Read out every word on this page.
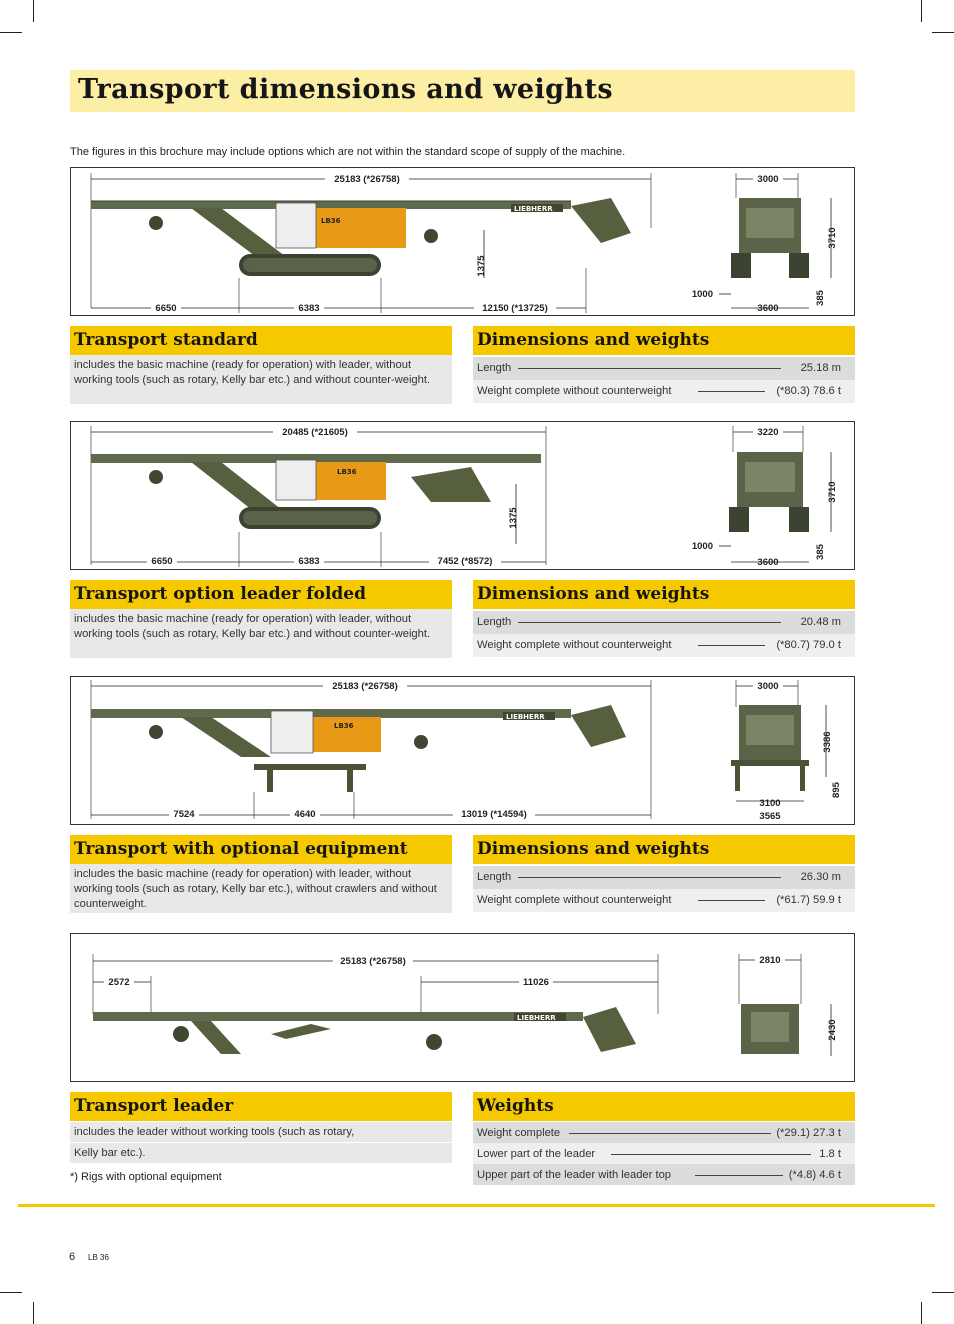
Transport dimensions and weights
The figures in this brochure may include options which are not within the standard scope of supply of the machine.
25183 (*26758)
LB36
LIEBHERR
6650	6383	12150 (*13725)
1375
3000
3600
1000
3710
385
Transport standard	Dimensions and weights
includes the basic machine (ready for operation) with leader, without working tools (such as rotary, Kelly bar etc.) and without counter-weight.
Length	25.18 m
Weight complete without counterweight	(*80.3) 78.6 t
20485 (*21605)
LB36
6650	6383	7452 (*8572)
1375
3220
3600
1000
3710
385
Transport option leader folded	Dimensions and weights
includes the basic machine (ready for operation) with leader, without working tools (such as rotary, Kelly bar etc.) and without counter-weight.
Length	20.48 m
Weight complete without counterweight	(*80.7) 79.0 t
25183 (*26758)
LB36
LIEBHERR
7524	4640	13019 (*14594)
3000
3100
3565
3386
895
Transport with optional equipment	Dimensions and weights
includes the basic machine (ready for operation) with leader, without working tools (such as rotary, Kelly bar etc.), without crawlers and without counterweight.
Length	26.30 m
Weight complete without counterweight	(*61.7) 59.9 t
25183 (*26758)
2572	11026
LIEBHERR
2810
2430
Transport leader	Weights
includes the leader without working tools (such as rotary,
Kelly bar etc.).
Weight complete	(*29.1) 27.3 t
Lower part of the leader	1.8 t
Upper part of the leader with leader top	(*4.8) 4.6 t
*) Rigs with optional equipment
6 LB 36
